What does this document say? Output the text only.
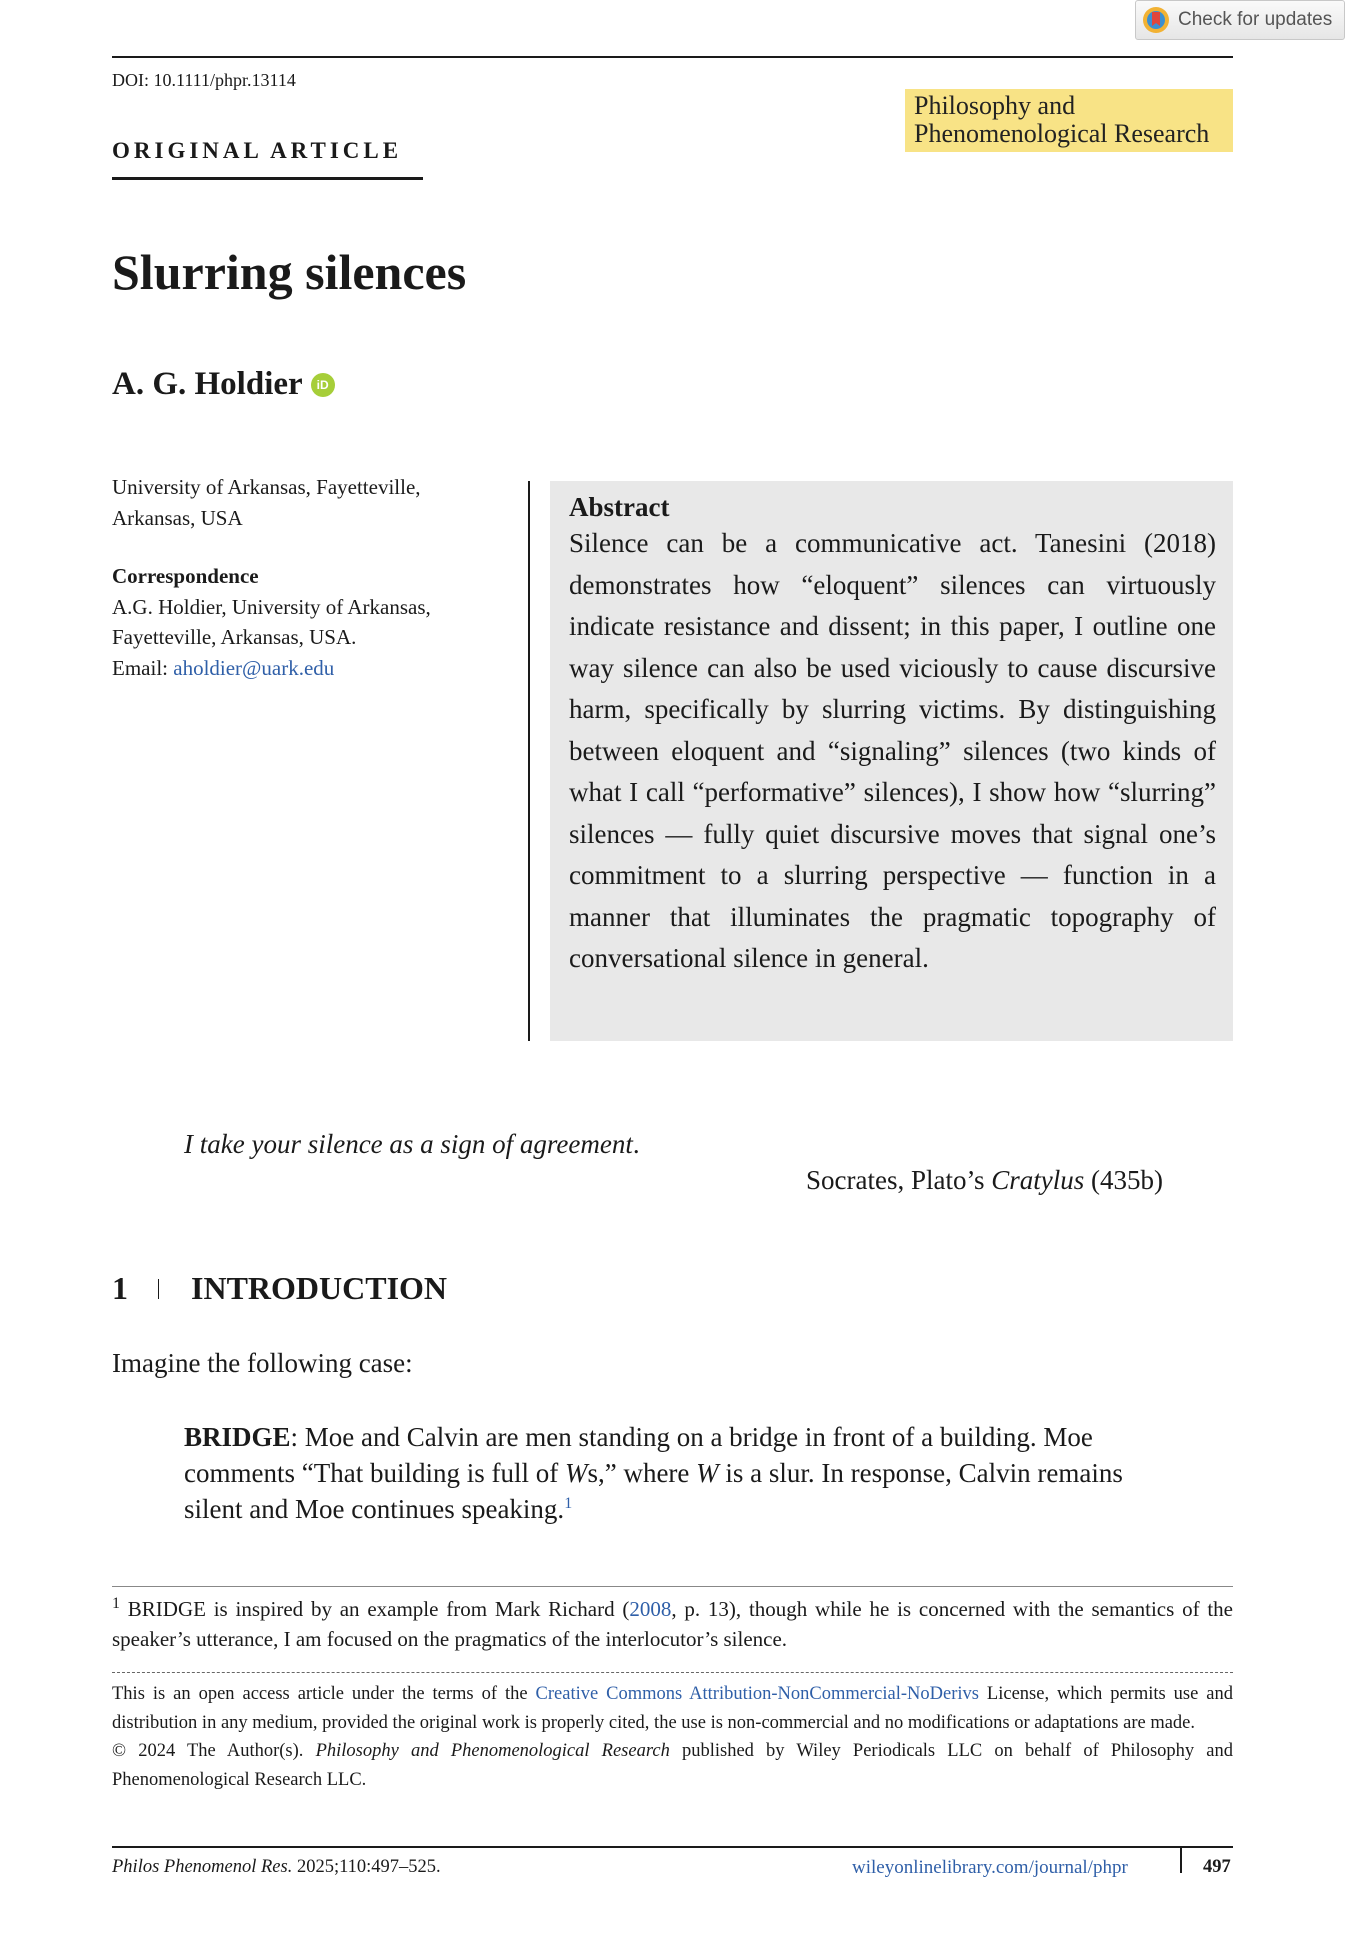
Check for updates
DOI: 10.1111/phpr.13114
ORIGINAL ARTICLE
Philosophy and
Phenomenological Research
Slurring silences
A. G. Holdier iD
University of Arkansas, Fayetteville,
Arkansas, USA
Correspondence
A.G. Holdier, University of Arkansas,
Fayetteville, Arkansas, USA.
Email: aholdier@uark.edu
Abstract

Silence can be a communicative act. Tanesini (2018) demonstrates how “eloquent” silences can virtuously indicate resistance and dissent; in this paper, I outline one way silence can also be used viciously to cause discursive harm, specifically by slurring victims. By distinguishing between eloquent and “signaling” silences (two kinds of what I call “performative” silences), I show how “slurring” silences — fully quiet discursive moves that signal one’s commitment to a slurring perspective — function in a manner that illuminates the pragmatic topography of conversational silence in general.

I take your silence as a sign of agreement.
Socrates, Plato’s Cratylus (435b)
1 INTRODUCTION
Imagine the following case:
BRIDGE: Moe and Calvin are men standing on a bridge in front of a building. Moe comments “That building is full of Ws,” where W is a slur. In response, Calvin remains silent and Moe continues speaking.$^1$
$^1$ BRIDGE is inspired by an example from Mark Richard (2008, p. 13), though while he is concerned with the semantics of the speaker’s utterance, I am focused on the pragmatics of the interlocutor’s silence.
This is an open access article under the terms of the Creative Commons Attribution-NonCommercial-NoDerivs License, which permits use and distribution in any medium, provided the original work is properly cited, the use is non-commercial and no modifications or adaptations are made.
© 2024 The Author(s). Philosophy and Phenomenological Research published by Wiley Periodicals LLC on behalf of Philosophy and Phenomenological Research LLC.
Philos Phenomenol Res. 2025;110:497–525.	wileyonlinelibrary.com/journal/phpr	497
